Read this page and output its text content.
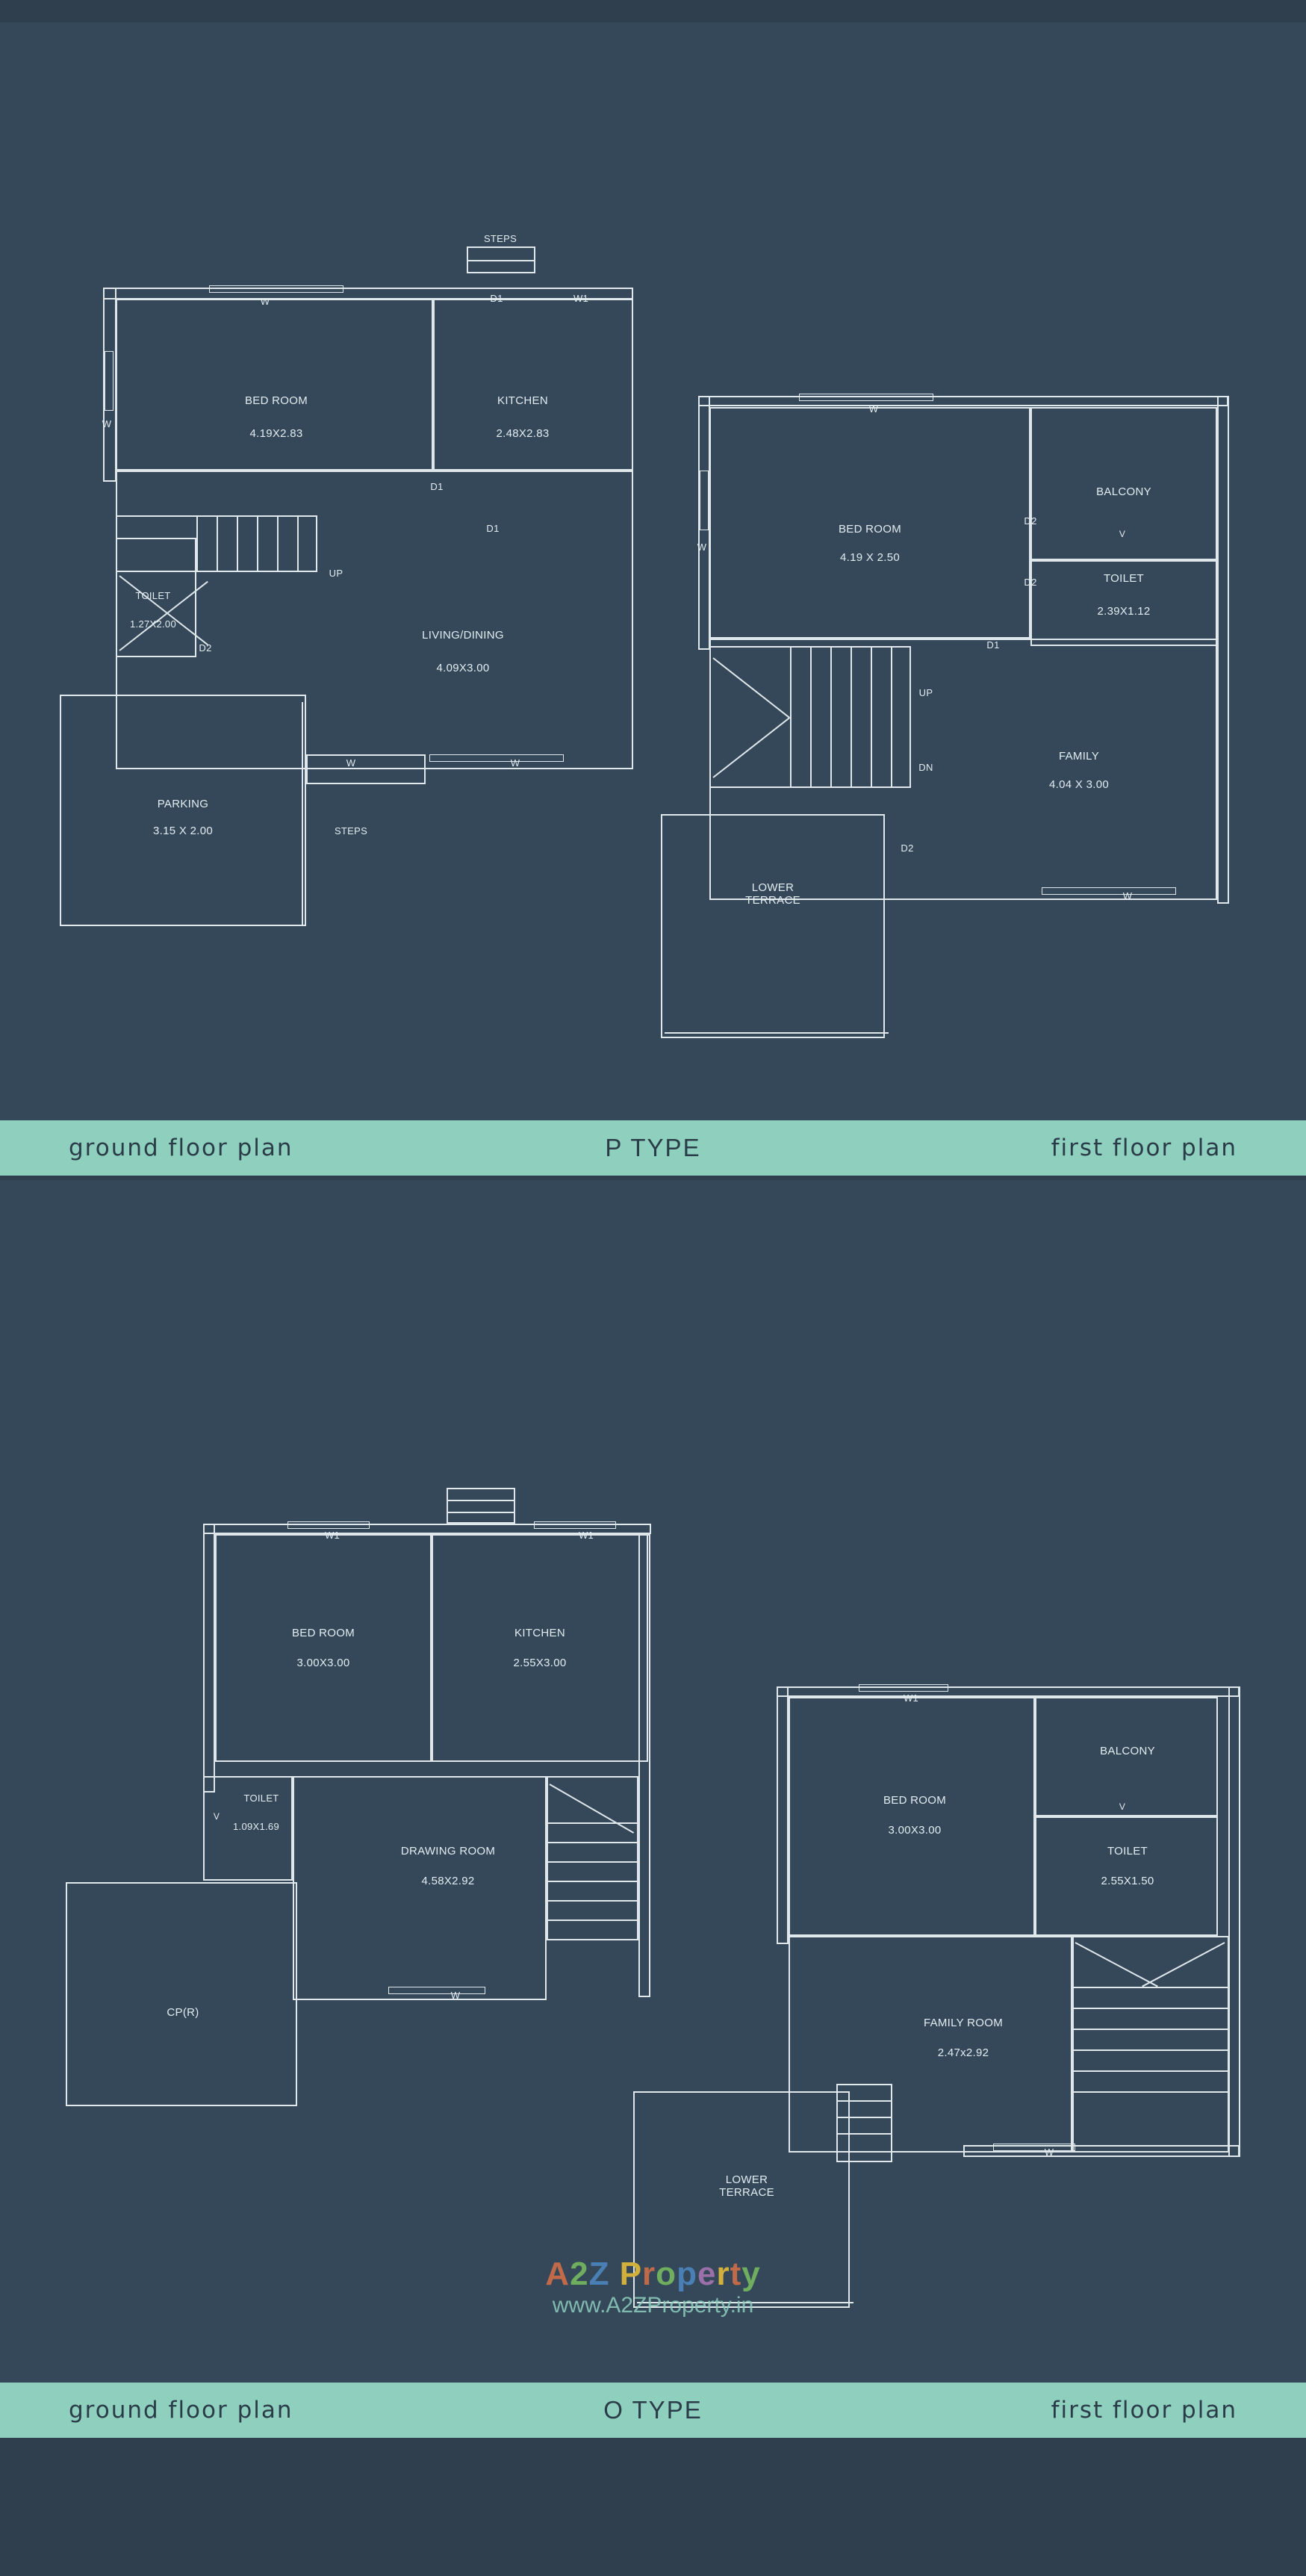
STEPS
STEPS
W
W
W
D1	W1
D1
D1
D2
W
UP
BED ROOM
4.19X2.83
KITCHEN
2.48X2.83
TOILET
1.27X2.00
LIVING/DINING
4.09X3.00
PARKING
3.15 X 2.00
W
W
W
D2
D2
D1
D2
UP
DN
V
BED ROOM
4.19 X 2.50
BALCONY
TOILET
2.39X1.12
FAMILY
4.04 X 3.00
LOWER
TERRACE
ground floor plan	P TYPE	first floor plan
W1	W1
W
V
BED ROOM
3.00X3.00
KITCHEN
2.55X3.00
TOILET
1.09X1.69
DRAWING ROOM
4.58X2.92
CP(R)
W1
W
V
BED ROOM
3.00X3.00
BALCONY
TOILET
2.55X1.50
FAMILY ROOM
2.47x2.92
LOWER
TERRACE
A2Z Property
www.A2ZProperty.in
ground floor plan	O TYPE	first floor plan
